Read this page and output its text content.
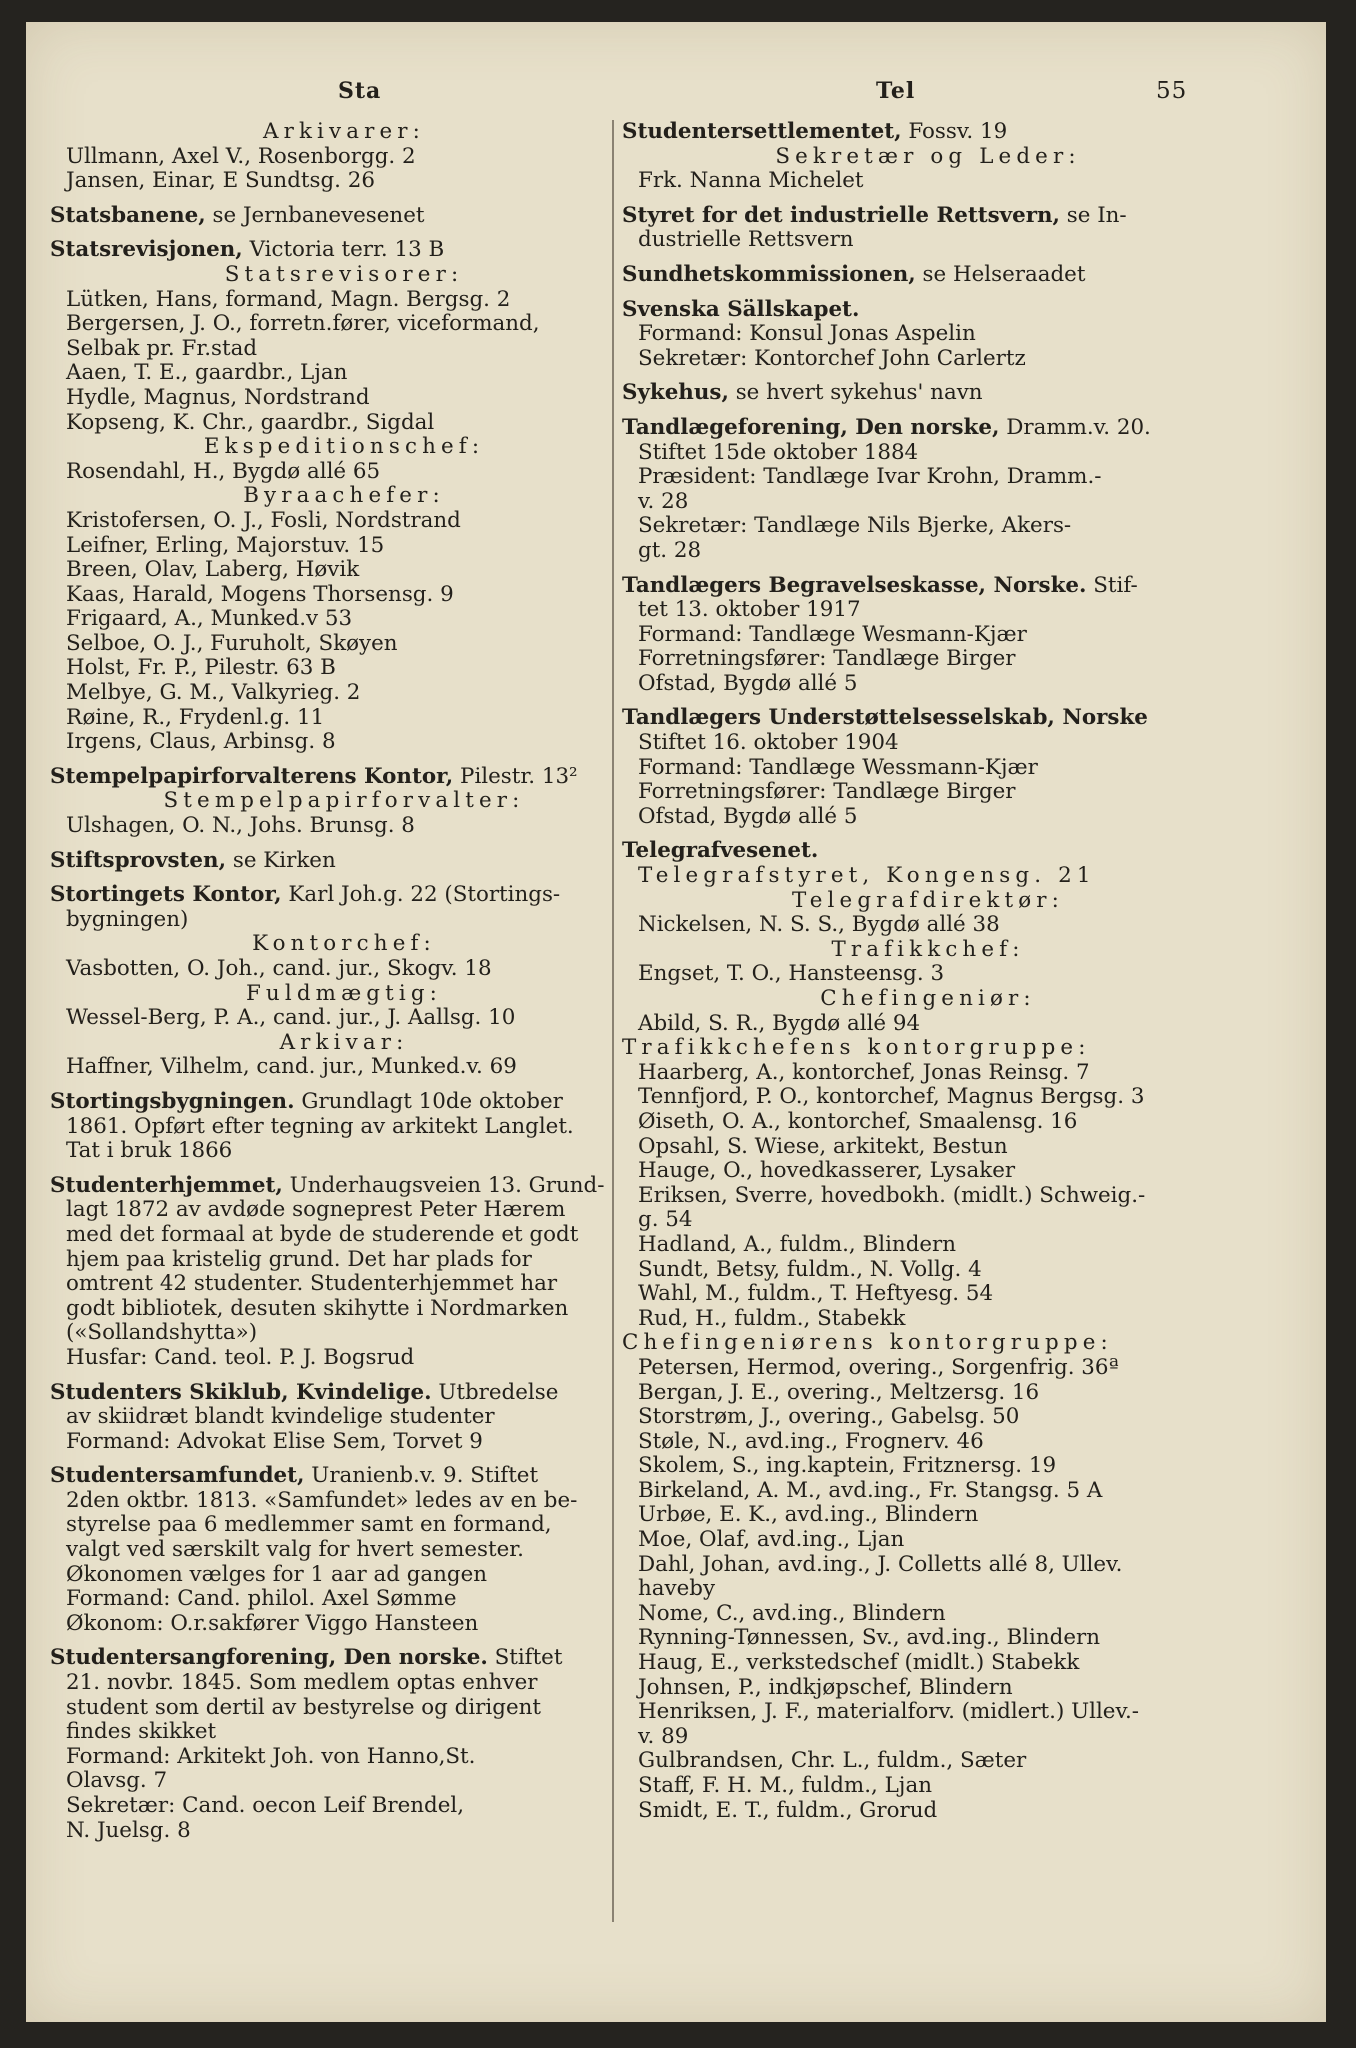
Sta	Tel	55
Arkivarer:
Ullmann, Axel V., Rosenborgg. 2
Jansen, Einar, E Sundtsg. 26
Statsbanene, se Jernbanevesenet
Statsrevisjonen, Victoria terr. 13 B
Statsrevisorer:
Lütken, Hans, formand, Magn. Bergsg. 2
Bergersen, J. O., forretn.fører, viceformand,
Selbak pr. Fr.stad
Aaen, T. E., gaardbr., Ljan
Hydle, Magnus, Nordstrand
Kopseng, K. Chr., gaardbr., Sigdal
Ekspeditionschef:
Rosendahl, H., Bygdø allé 65
Byraachefer:
Kristofersen, O. J., Fosli, Nordstrand
Leifner, Erling, Majorstuv. 15
Breen, Olav, Laberg, Høvik
Kaas, Harald, Mogens Thorsensg. 9
Frigaard, A., Munked.v 53
Selboe, O. J., Furuholt, Skøyen
Holst, Fr. P., Pilestr. 63 B
Melbye, G. M., Valkyrieg. 2
Røine, R., Frydenl.g. 11
Irgens, Claus, Arbinsg. 8
Stempelpapirforvalterens Kontor, Pilestr. 13²
Stempelpapirforvalter:
Ulshagen, O. N., Johs. Brunsg. 8
Stiftsprovsten, se Kirken
Stortingets Kontor, Karl Joh.g. 22 (Stortings-
bygningen)
Kontorchef:
Vasbotten, O. Joh., cand. jur., Skogv. 18
Fuldmægtig:
Wessel-Berg, P. A., cand. jur., J. Aallsg. 10
Arkivar:
Haffner, Vilhelm, cand. jur., Munked.v. 69
Stortingsbygningen. Grundlagt 10de oktober
1861. Opført efter tegning av arkitekt Langlet.
Tat i bruk 1866
Studenterhjemmet, Underhaugsveien 13. Grund-
lagt 1872 av avdøde sogneprest Peter Hærem
med det formaal at byde de studerende et godt
hjem paa kristelig grund. Det har plads for
omtrent 42 studenter. Studenterhjemmet har
godt bibliotek, desuten skihytte i Nordmarken
(«Sollandshytta»)
Husfar: Cand. teol. P. J. Bogsrud
Studenters Skiklub, Kvindelige. Utbredelse
av skiidræt blandt kvindelige studenter
Formand: Advokat Elise Sem, Torvet 9
Studentersamfundet, Uranienb.v. 9. Stiftet
2den oktbr. 1813. «Samfundet» ledes av en be-
styrelse paa 6 medlemmer samt en formand,
valgt ved særskilt valg for hvert semester.
Økonomen vælges for 1 aar ad gangen
Formand: Cand. philol. Axel Sømme
Økonom: O.r.sakfører Viggo Hansteen
Studentersangforening, Den norske. Stiftet
21. novbr. 1845. Som medlem optas enhver
student som dertil av bestyrelse og dirigent
findes skikket
Formand: Arkitekt Joh. von Hanno,St.
Olavsg. 7
Sekretær: Cand. oecon Leif Brendel,
N. Juelsg. 8
Studentersettlementet, Fossv. 19
Sekretær og Leder:
Frk. Nanna Michelet
Styret for det industrielle Rettsvern, se In-
dustrielle Rettsvern
Sundhetskommissionen, se Helseraadet
Svenska Sällskapet.
Formand: Konsul Jonas Aspelin
Sekretær: Kontorchef John Carlertz
Sykehus, se hvert sykehus' navn
Tandlægeforening, Den norske, Dramm.v. 20.
Stiftet 15de oktober 1884
Præsident: Tandlæge Ivar Krohn, Dramm.-
v. 28
Sekretær: Tandlæge Nils Bjerke, Akers-
gt. 28
Tandlægers Begravelseskasse, Norske. Stif-
tet 13. oktober 1917
Formand: Tandlæge Wesmann-Kjær
Forretningsfører: Tandlæge Birger
Ofstad, Bygdø allé 5
Tandlægers Understøttelsesselskab, Norske
Stiftet 16. oktober 1904
Formand: Tandlæge Wessmann-Kjær
Forretningsfører: Tandlæge Birger
Ofstad, Bygdø allé 5
Telegrafvesenet.
Telegrafstyret, Kongensg. 21
Telegrafdirektør:
Nickelsen, N. S. S., Bygdø allé 38
Trafikkchef:
Engset, T. O., Hansteensg. 3
Chefingeniør:
Abild, S. R., Bygdø allé 94
Trafikkchefens kontorgruppe:
Haarberg, A., kontorchef, Jonas Reinsg. 7
Tennfjord, P. O., kontorchef, Magnus Bergsg. 3
Øiseth, O. A., kontorchef, Smaalensg. 16
Opsahl, S. Wiese, arkitekt, Bestun
Hauge, O., hovedkasserer, Lysaker
Eriksen, Sverre, hovedbokh. (midlt.) Schweig.-
g. 54
Hadland, A., fuldm., Blindern
Sundt, Betsy, fuldm., N. Vollg. 4
Wahl, M., fuldm., T. Heftyesg. 54
Rud, H., fuldm., Stabekk
Chefingeniørens kontorgruppe:
Petersen, Hermod, overing., Sorgenfrig. 36ª
Bergan, J. E., overing., Meltzersg. 16
Storstrøm, J., overing., Gabelsg. 50
Støle, N., avd.ing., Frognerv. 46
Skolem, S., ing.kaptein, Fritznersg. 19
Birkeland, A. M., avd.ing., Fr. Stangsg. 5 A
Urbøe, E. K., avd.ing., Blindern
Moe, Olaf, avd.ing., Ljan
Dahl, Johan, avd.ing., J. Colletts allé 8, Ullev.
haveby
Nome, C., avd.ing., Blindern
Rynning-Tønnessen, Sv., avd.ing., Blindern
Haug, E., verkstedschef (midlt.) Stabekk
Johnsen, P., indkjøpschef, Blindern
Henriksen, J. F., materialforv. (midlert.) Ullev.-
v. 89
Gulbrandsen, Chr. L., fuldm., Sæter
Staff, F. H. M., fuldm., Ljan
Smidt, E. T., fuldm., Grorud
